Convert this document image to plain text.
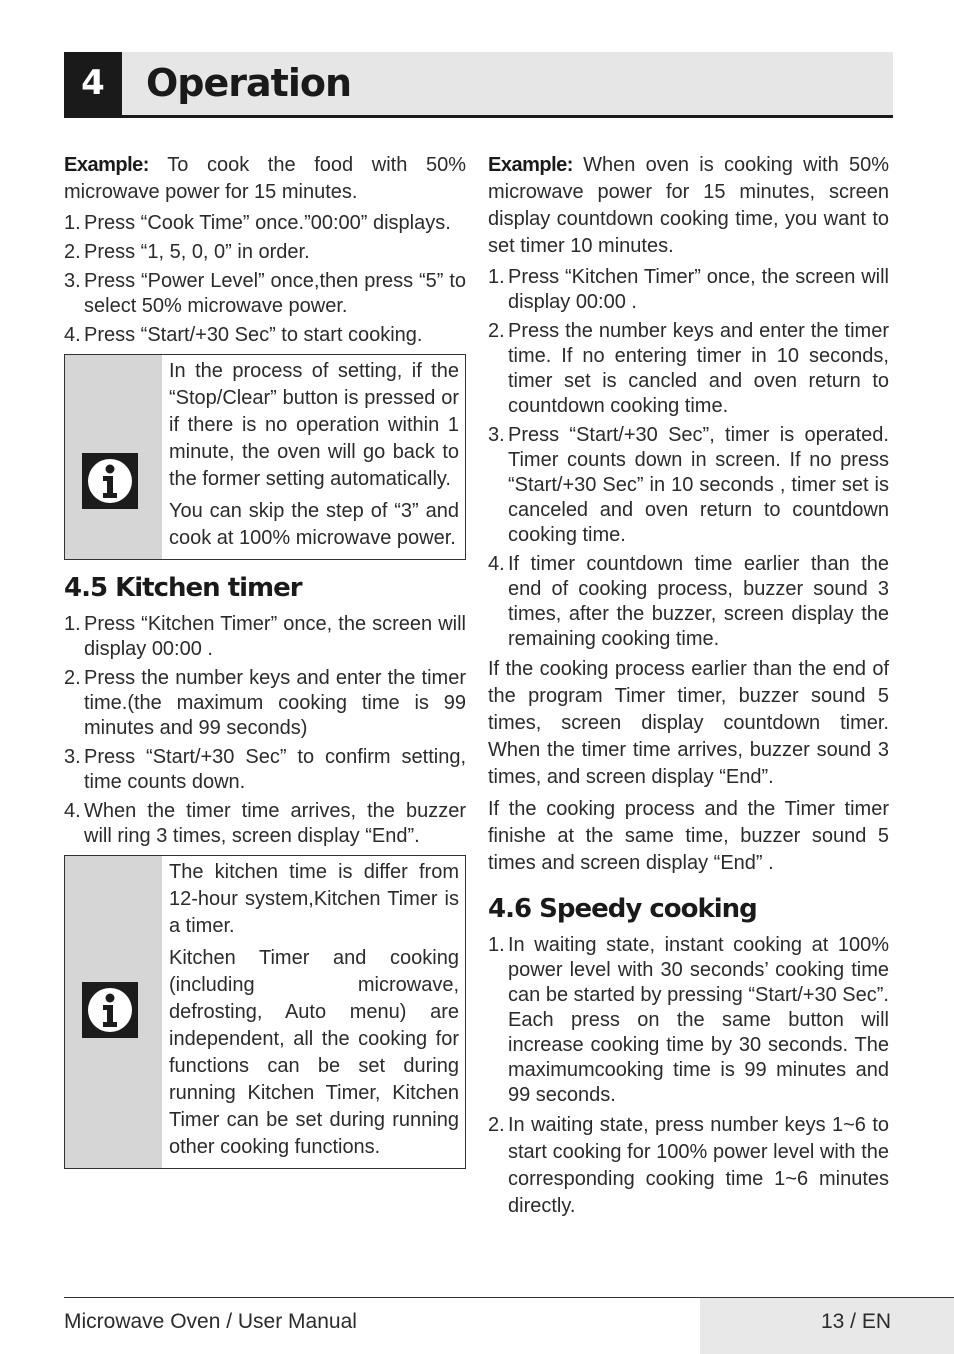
4	Operation

Example: To cook the food with 50% microwave power for 15 minutes.

1. Press “Cook Time” once.”00:00” displays.
2. Press “1, 5, 0, 0” in order.
3. Press “Power Level” once,then press “5” to select 50% microwave power.
4. Press “Start/+30 Sec” to start cooking.

In the process of setting, if the “Stop/Clear” button is pressed or if there is no operation within 1 minute, the oven will go back to the former setting automatically.

You can skip the step of “3” and cook at 100% microwave power.

4.5 Kitchen timer
1. Press “Kitchen Timer” once, the screen will display 00:00 .
2. Press the number keys and enter the timer time.(the maximum cooking time is 99 minutes and 99 seconds)
3. Press “Start/+30 Sec” to confirm setting, time counts down.
4. When the timer time arrives, the buzzer will ring 3 times, screen display “End”.

The kitchen time is differ from 12-hour system,Kitchen Timer is a timer.

Kitchen Timer and cooking (including microwave, defrosting, Auto menu) are independent, all the cooking for functions can be set during running Kitchen Timer, Kitchen Timer can be set during running other cooking functions.

Example: When oven is cooking with 50% microwave power for 15 minutes, screen display countdown cooking time, you want to set timer 10 minutes.

1. Press “Kitchen Timer” once, the screen will display 00:00 .
2. Press the number keys and enter the timer time. If no entering timer in 10 seconds, timer set is cancled and oven return to countdown cooking time.
3. Press “Start/+30 Sec”, timer is operated. Timer counts down in screen. If no press “Start/+30 Sec” in 10 seconds , timer set is canceled and oven return to countdown cooking time.
4. If timer countdown time earlier than the end of cooking process, buzzer sound 3 times, after the buzzer, screen display the remaining cooking time.

If the cooking process earlier than the end of the program Timer timer, buzzer sound 5 times, screen display countdown timer. When the timer time arrives, buzzer sound 3 times, and screen display “End”.

If the cooking process and the Timer timer finishe at the same time, buzzer sound 5 times and screen display “End” .

4.6 Speedy cooking
1. In waiting state, instant cooking at 100% power level with 30 seconds’ cooking time can be started by pressing “Start/+30 Sec”. Each press on the same button will increase cooking time by 30 seconds. The maximumcooking time is 99 minutes and 99 seconds.
2. In waiting state, press number keys 1~6 to start cooking for 100% power level with the corresponding cooking time 1~6 minutes directly.
Microwave Oven / User Manual	13 / EN
